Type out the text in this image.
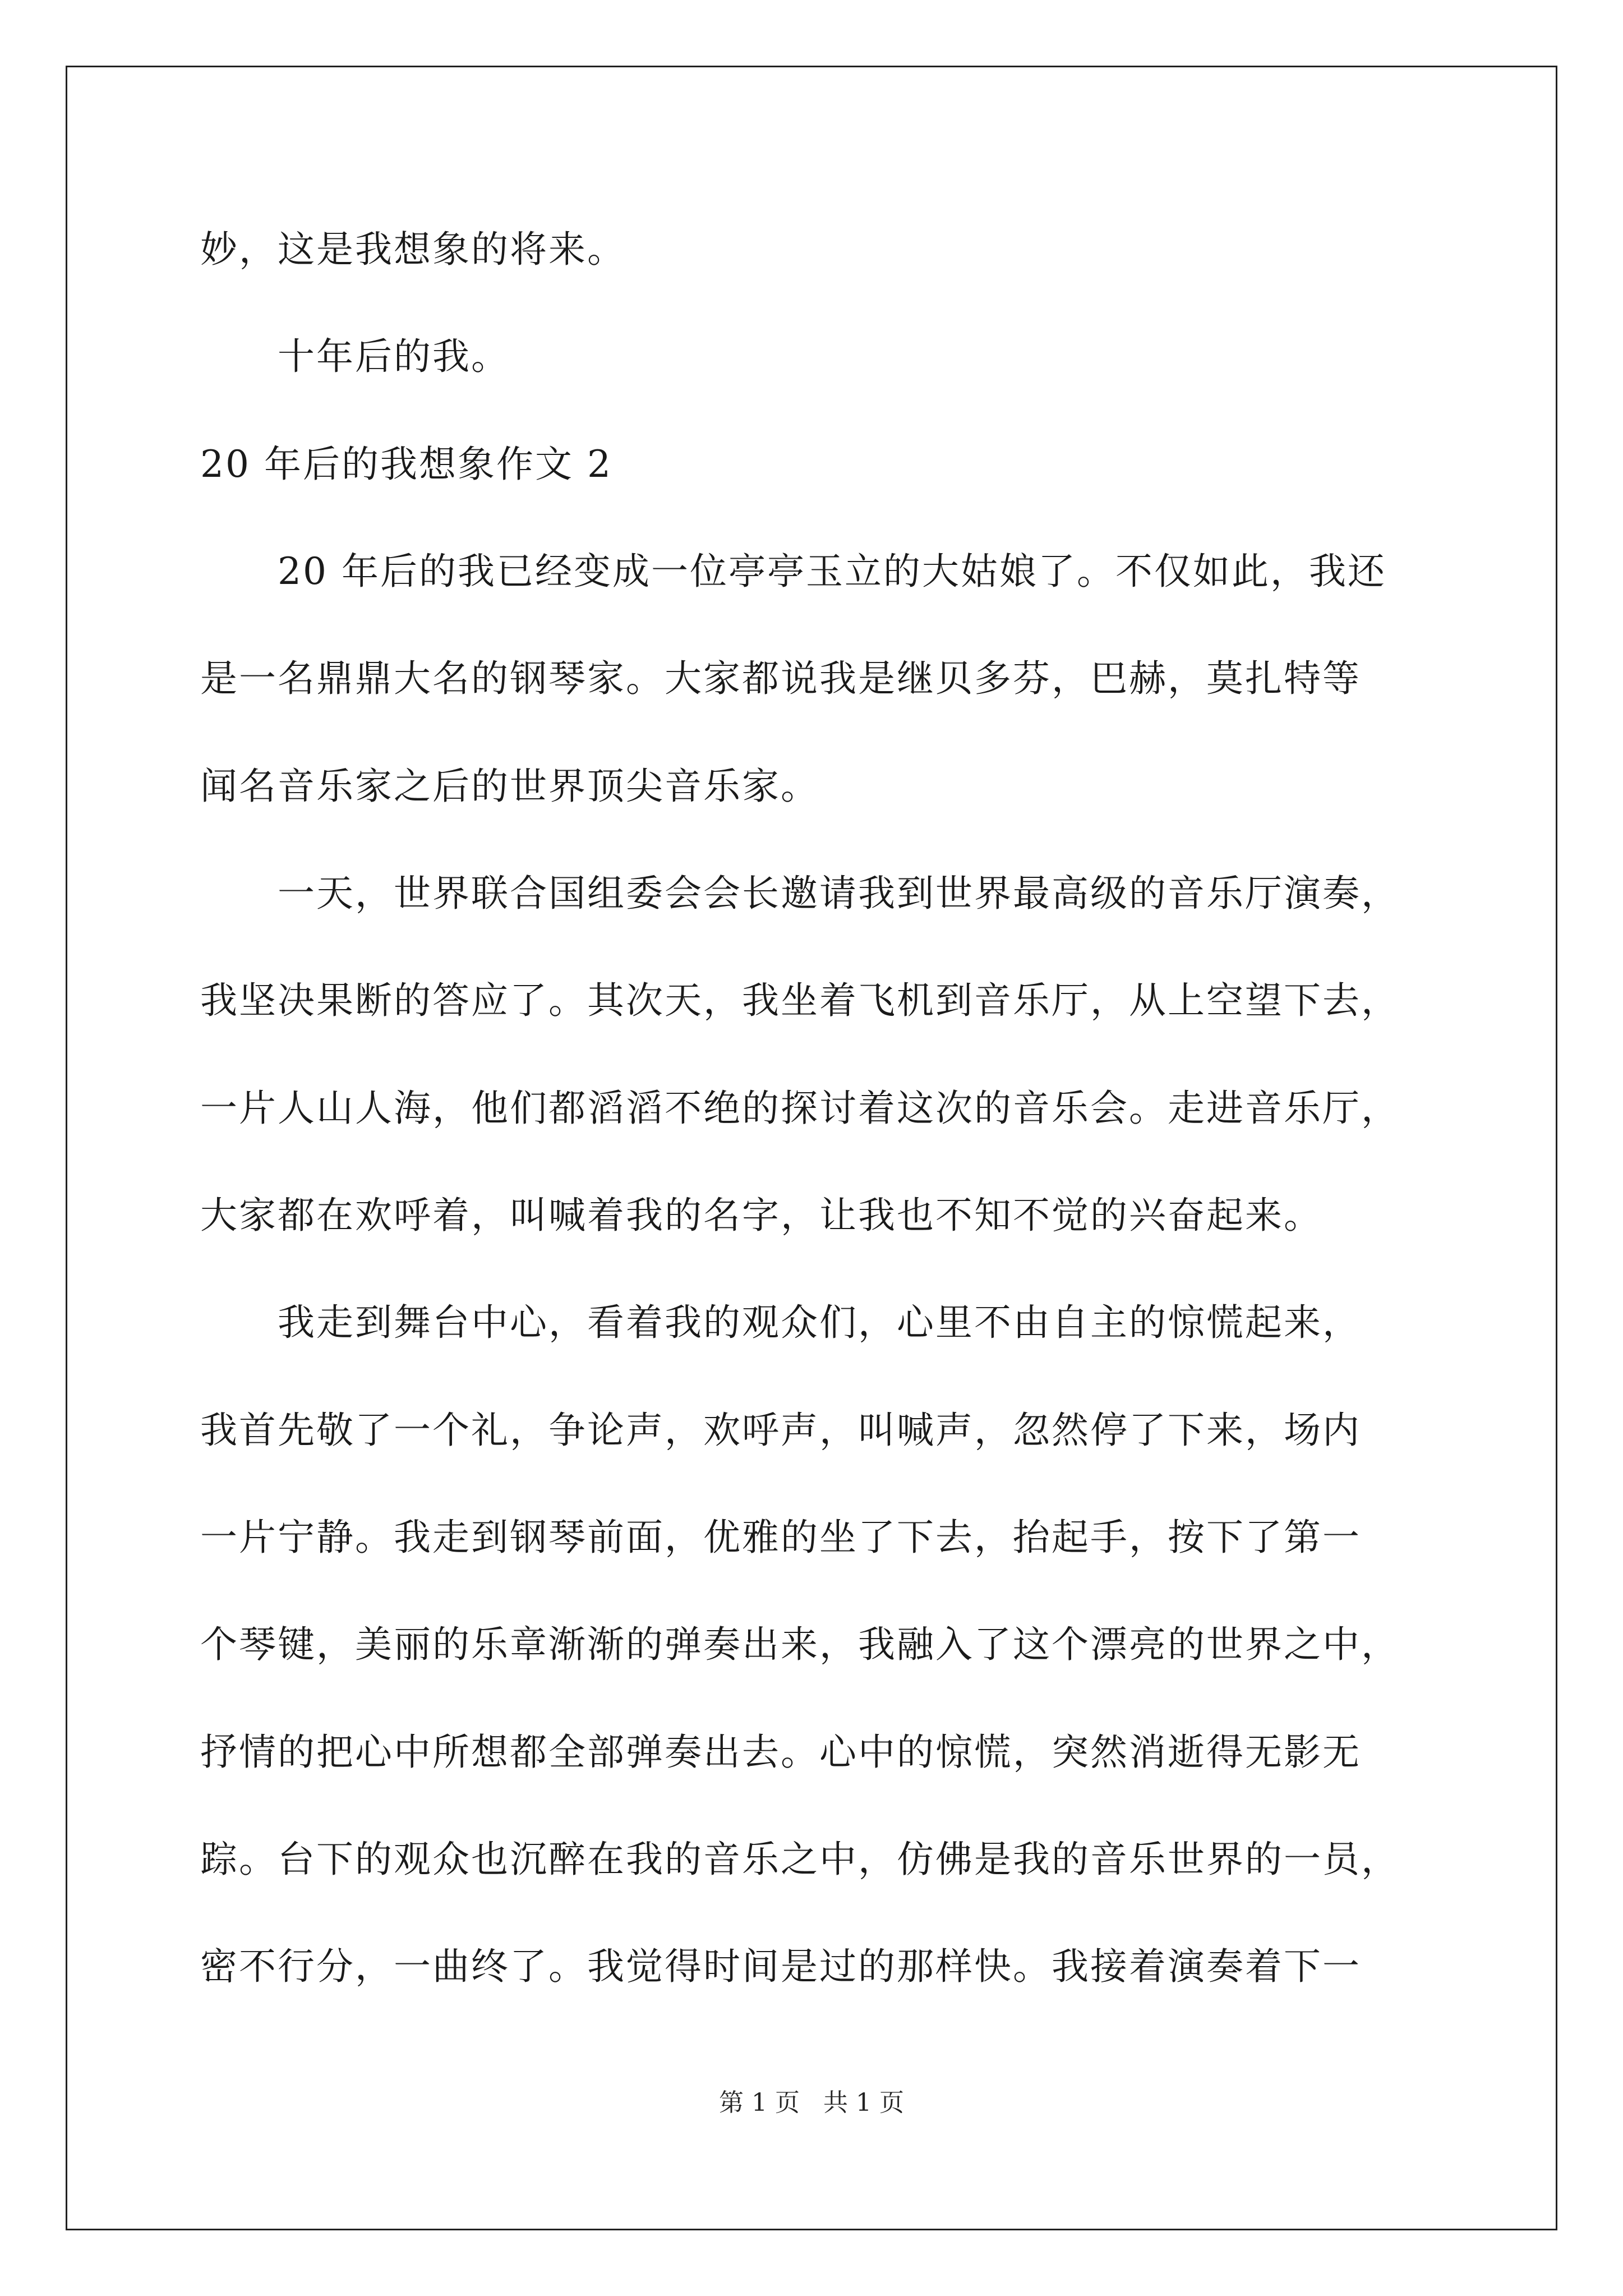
妙，这是我想象的将来。
　　十年后的我。
20 年后的我想象作文 2
　　20 年后的我已经变成一位亭亭玉立的大姑娘了。不仅如此，我还
是一名鼎鼎大名的钢琴家。大家都说我是继贝多芬，巴赫，莫扎特等
闻名音乐家之后的世界顶尖音乐家。
　　一天，世界联合国组委会会长邀请我到世界最高级的音乐厅演奏，
我坚决果断的答应了。其次天，我坐着飞机到音乐厅，从上空望下去，
一片人山人海，他们都滔滔不绝的探讨着这次的音乐会。走进音乐厅，
大家都在欢呼着，叫喊着我的名字，让我也不知不觉的兴奋起来。
　　我走到舞台中心，看着我的观众们，心里不由自主的惊慌起来，
我首先敬了一个礼，争论声，欢呼声，叫喊声，忽然停了下来，场内
一片宁静。我走到钢琴前面，优雅的坐了下去，抬起手，按下了第一
个琴键，美丽的乐章渐渐的弹奏出来，我融入了这个漂亮的世界之中，
抒情的把心中所想都全部弹奏出去。心中的惊慌，突然消逝得无影无
踪。台下的观众也沉醉在我的音乐之中，仿佛是我的音乐世界的一员，
密不行分，一曲终了。我觉得时间是过的那样快。我接着演奏着下一
第 1 页 共 1 页
